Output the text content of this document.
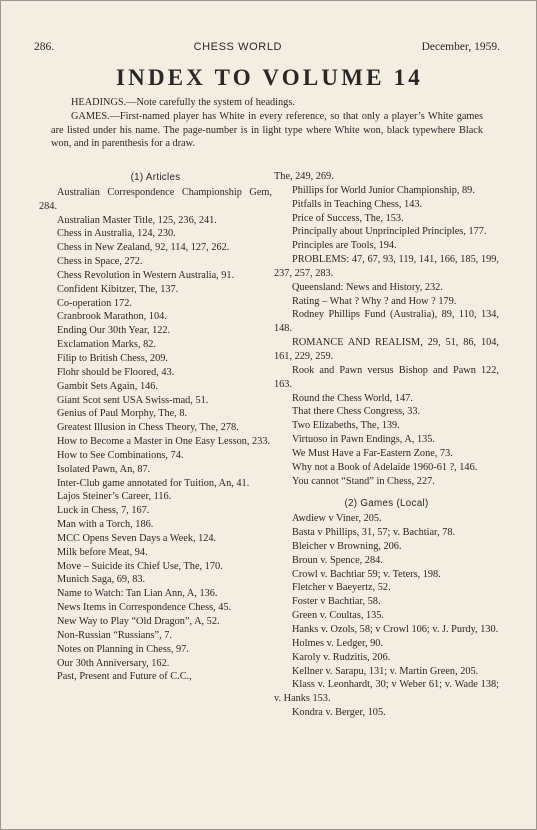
286.	CHESS WORLD	December, 1959.
INDEX TO VOLUME 14

HEADINGS.—Note carefully the system of headings.

GAMES.—First-named player has White in every reference, so that only a player’s White games are listed under his name. The page-number is in light type where White won, black typewhere Black won, and in parenthesis for a draw.

(1) Articles
Australian Correspondence Championship Gem, 284.
Australian Master Title, 125, 236, 241.
Chess in Australia, 124, 230.
Chess in New Zealand, 92, 114, 127, 262.
Chess in Space, 272.
Chess Revolution in Western Australia, 91.
Confident Kibitzer, The, 137.
Co-operation 172.
Cranbrook Marathon, 104.
Ending Our 30th Year, 122.
Exclamation Marks, 82.
Filip to British Chess, 209.
Flohr should be Floored, 43.
Gambit Sets Again, 146.
Giant Scot sent USA Swiss-mad, 51.
Genius of Paul Morphy, The, 8.
Greatest Illusion in Chess Theory, The, 278.
How to Become a Master in One Easy Lesson, 233.
How to See Combinations, 74.
Isolated Pawn, An, 87.
Inter-Club game annotated for Tuition, An, 41.
Lajos Steiner’s Career, 116.
Luck in Chess, 7, 167.
Man with a Torch, 186.
MCC Opens Seven Days a Week, 124.
Milk before Meat, 94.
Move – Suicide its Chief Use, The, 170.
Munich Saga, 69, 83.
Name to Watch: Tan Lian Ann, A, 136.
News Items in Correspondence Chess, 45.
New Way to Play “Old Dragon”, A, 52.
Non-Russian “Russians”, 7.
Notes on Planning in Chess, 97.
Our 30th Anniversary, 162.
Past, Present and Future of C.C.,
The, 249, 269.
Phillips for World Junior Championship, 89.
Pitfalls in Teaching Chess, 143.
Price of Success, The, 153.
Principally about Unprincipled Principles, 177.
Principles are Tools, 194.
PROBLEMS: 47, 67, 93, 119, 141, 166, 185, 199, 237, 257, 283.
Queensland: News and History, 232.
Rating – What ? Why ? and How ? 179.
Rodney Phillips Fund (Australia), 89, 110, 134, 148.
ROMANCE AND REALISM, 29, 51, 86, 104, 161, 229, 259.
Rook and Pawn versus Bishop and Pawn 122, 163.
Round the Chess World, 147.
That there Chess Congress, 33.
Two Elizabeths, The, 139.
Virtuoso in Pawn Endings, A, 135.
We Must Have a Far-Eastern Zone, 73.
Why not a Book of Adelaide 1960-61 ?, 146.
You cannot “Stand” in Chess, 227.
(2) Games (Local)
Awdiew v Viner, 205.
Basta v Phillips, 31, 57; v. Bachtiar, 78.
Bleicher v Browning, 206.
Broun v. Spence, 284.
Crowl v. Bachtiar 59; v. Teters, 198.
Fletcher v Baeyertz, 52.
Foster v Bachtiar, 58.
Green v. Coultas, 135.
Hanks v. Ozols, 58; v Crowl 106; v. J. Purdy, 130.
Holmes v. Ledger, 90.
Karoly v. Rudzitis, 206.
Kellner v. Sarapu, 131; v. Martin Green, 205.
Klass v. Leonhardt, 30; v Weber 61; v. Wade 138; v. Hanks 153.
Kondra v. Berger, 105.
